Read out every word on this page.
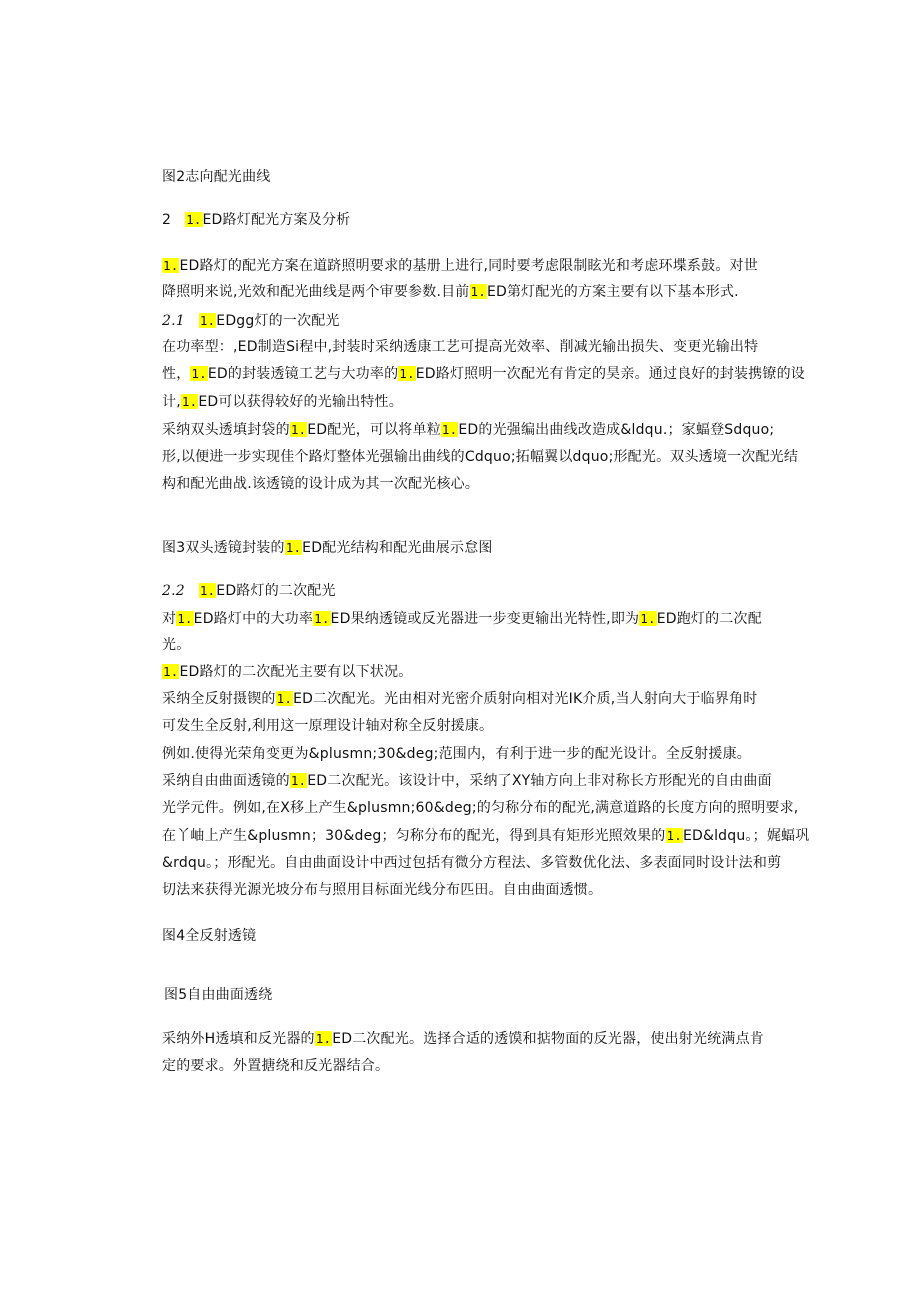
图2志向配光曲线
2 1.ED路灯配光方案及分析
1.ED路灯的配光方案在道跻照明要求的基册上进行,同时要考虑限制眩光和考虑环堞系鼓。对世
降照明来说,光效和配光曲线是两个审要参数.目前1.ED第灯配光的方案主要有以下基本形式.
2.1 1.EDgg灯的一次配光
在功率型：,ED制造Si程中,封装时采纳透康工艺可提高光效率、削减光输出损失、变更光输出特
性，1.ED的封装透镜工艺与大功率的1.ED路灯照明一次配光有肯定的昊亲。通过良好的封装携镣的设
计,1.ED可以获得较好的光输出特性。
采纳双头透填封袋的1.ED配光，可以将单粒1.ED的光强编出曲线改造成&ldqu.；家蝠登Sdquo;
形,以便进一步实现佳个路灯整体光强输出曲线的Cdquo;拓幅翼以dquo;形配光。双头透境一次配光结
构和配光曲战.该透镜的设计成为其一次配光核心。
图3双头透镜封装的1.ED配光结构和配光曲展示怠图
2.2 1.ED路灯的二次配光
对1.ED路灯中的大功率1.ED果纳透镜或反光器进一步变更输出光特性,即为1.ED跑灯的二次配
光。
1.ED路灯的二次配光主要有以下状况。
采纳全反射摄锲的1.ED二次配光。光由相对光密介质射向相对光IK介质,当人射向大于临界角时
可发生全反射,利用这一原理设计轴对称全反射援康。
例如.使得光荣角变更为&plusmn;30&deg;范围内，有利于进一步的配光设计。全反射援康。
采纳自由曲面透镜的1.ED二次配光。该设计中，采纳了XY轴方向上非对称长方形配光的自由曲面
光学元件。例如,在X移上产生&plusmn;60&deg;的匀称分布的配光,满意道路的长度方向的照明要求,
在丫岫上产生&plusmn；30&deg；匀称分布的配光，得到具有矩形光照效果的1.ED&ldqu。；娓蝠巩
&rdqu。；形配光。自由曲面设计中西过包括有微分方程法、多管数优化法、多表面同时设计法和剪
切法来获得光源光坡分布与照用目标面光线分布匹田。自由曲面透惯。
图4全反射透镜
图5自由曲面透绕
采纳外H透填和反光器的1.ED二次配光。选择合适的透馍和掂物面的反光器，使出射光统满点肯
定的要求。外置搪绕和反光器结合。
